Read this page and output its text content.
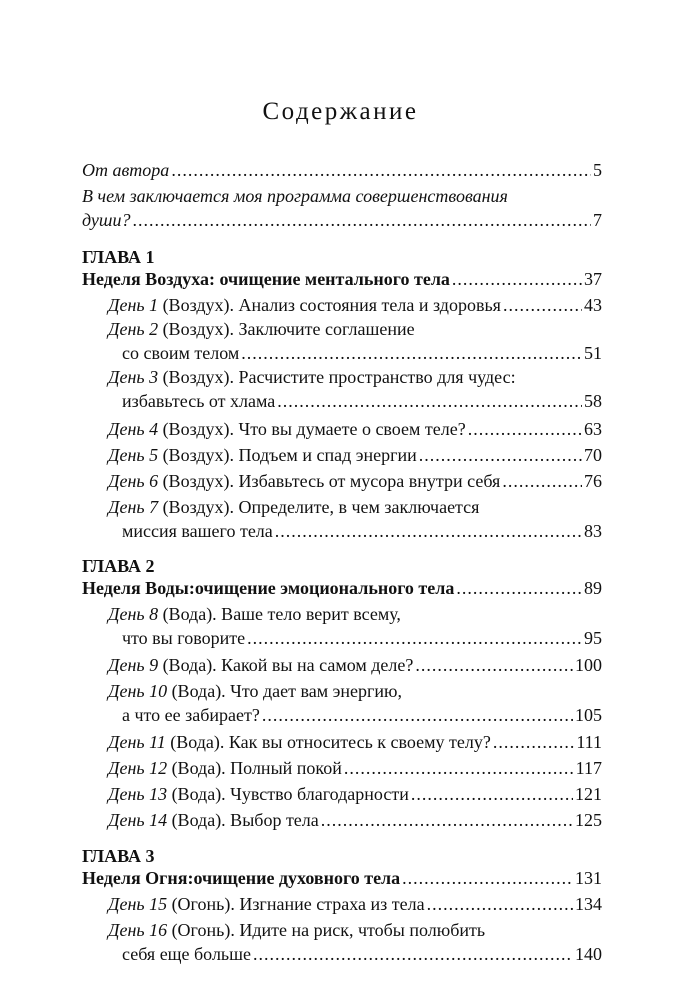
Содержание
От автора .....	5
В чем заключается моя программа совершенствования
души? .....	7
ГЛАВА 1
Неделя Воздуха: очищение ментального тела .....	37
День 1 (Воздух). Анализ состояния тела и здоровья .....	43
День 2 (Воздух). Заключите соглашение
со своим телом .....	51
День 3 (Воздух). Расчистите пространство для чудес:
избавьтесь от хлама .....	58
День 4 (Воздух). Что вы думаете о своем теле? .....	63
День 5 (Воздух). Подъем и спад энергии .....	70
День 6 (Воздух). Избавьтесь от мусора внутри себя .....	76
День 7 (Воздух). Определите, в чем заключается
миссия вашего тела .....	83
ГЛАВА 2
Неделя Воды:очищение эмоционального тела .....	89
День 8 (Вода). Ваше тело верит всему,
что вы говорите .....	95
День 9 (Вода). Какой вы на самом деле? .....	100
День 10 (Вода). Что дает вам энергию,
а что ее забирает? .....	105
День 11 (Вода). Как вы относитесь к своему телу? .....	111
День 12 (Вода). Полный покой .....	117
День 13 (Вода). Чувство благодарности .....	121
День 14 (Вода). Выбор тела .....	125
ГЛАВА 3
Неделя Огня:очищение духовного тела .....	131
День 15 (Огонь). Изгнание страха из тела .....	134
День 16 (Огонь). Идите на риск, чтобы полюбить
себя еще больше .....	140
